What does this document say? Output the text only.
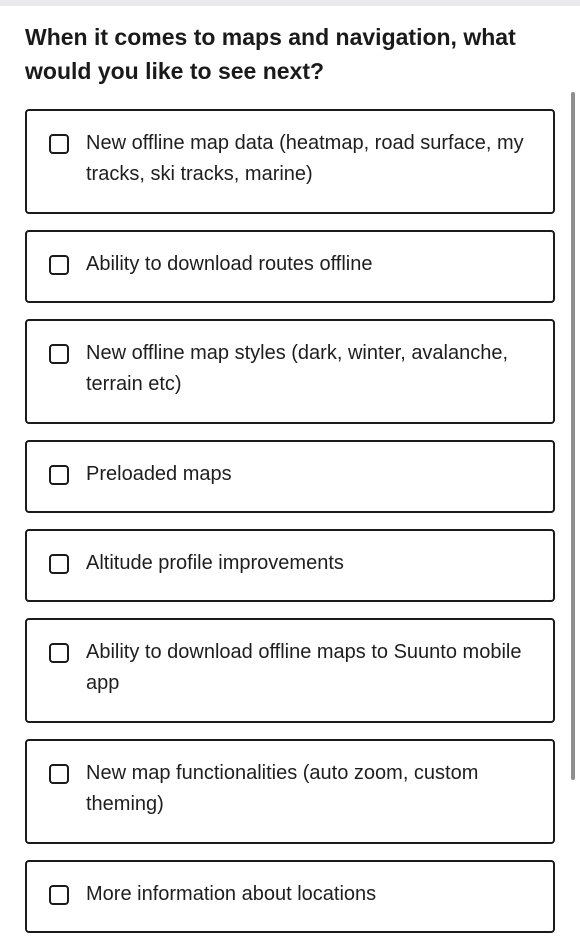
When it comes to maps and navigation, what would you like to see next?
New offline map data (heatmap, road surface, my tracks, ski tracks, marine)
Ability to download routes offline
New offline map styles (dark, winter, avalanche, terrain etc)
Preloaded maps
Altitude profile improvements
Ability to download offline maps to Suunto mobile app
New map functionalities (auto zoom, custom theming)
More information about locations
